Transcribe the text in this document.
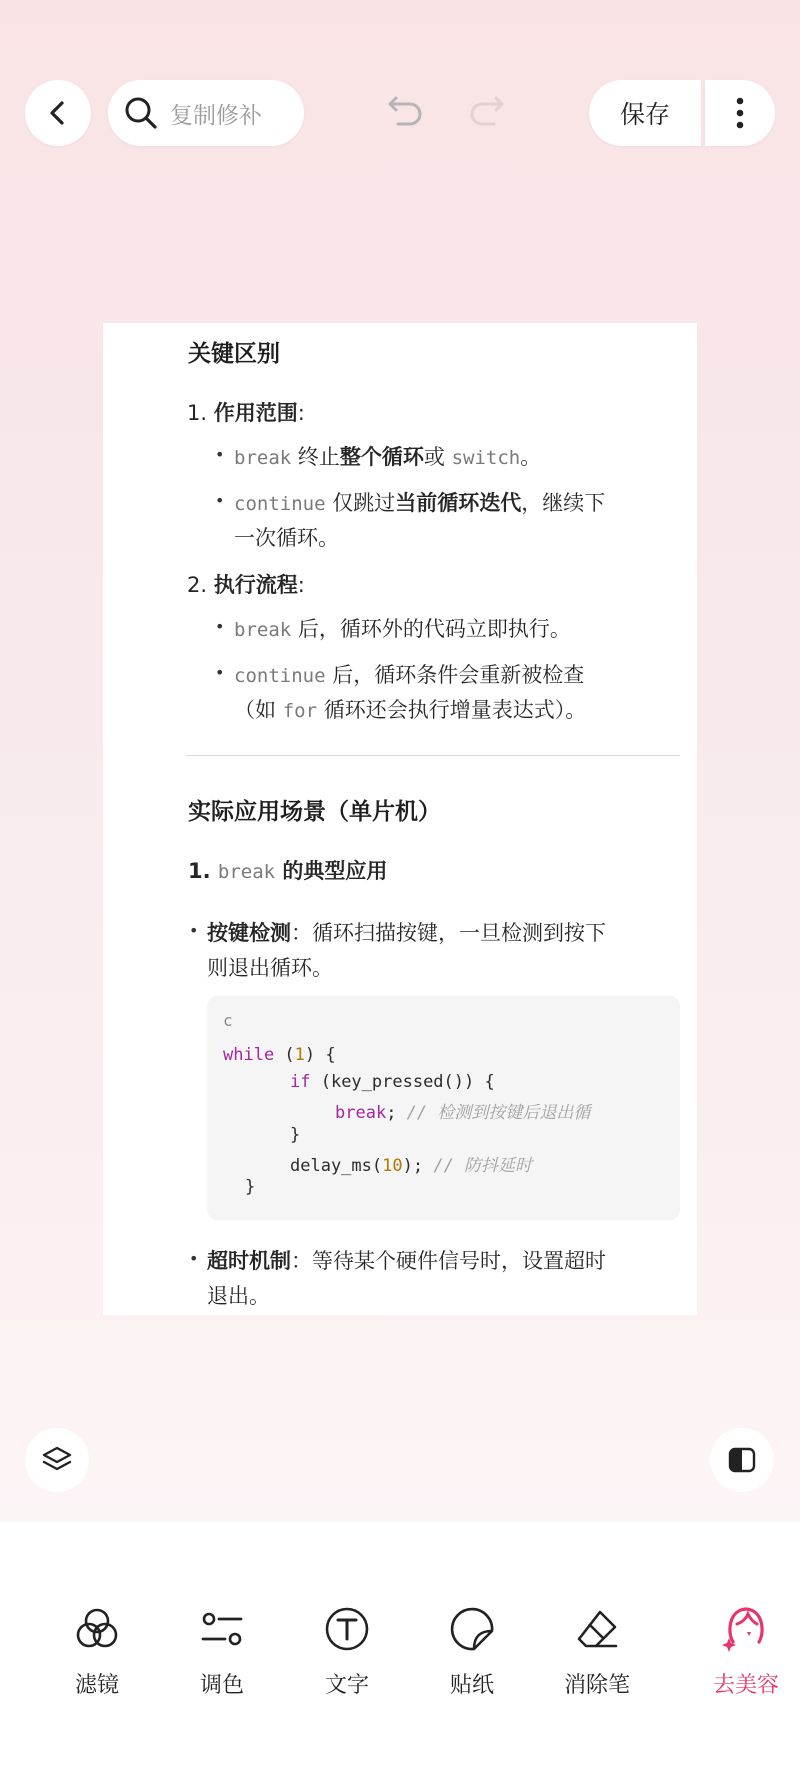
复制修补	保存
关键区别
1. 作用范围:
• break 终止整个循环或 switch。
• continue 仅跳过当前循环迭代，继续下
一次循环。
2. 执行流程:
• break 后，循环外的代码立即执行。
• continue 后，循环条件会重新被检查
（如 for 循环还会执行增量表达式）。
实际应用场景（单片机）
1. break 的典型应用
• 按键检测：循环扫描按键，一旦检测到按下
则退出循环。
c
while (1) {
if (key_pressed()) {
break; // 检测到按键后退出循
}
delay_ms(10); // 防抖延时
}
• 超时机制：等待某个硬件信号时，设置超时
退出。
滤镜	调色	文字	贴纸	消除笔	去美容
